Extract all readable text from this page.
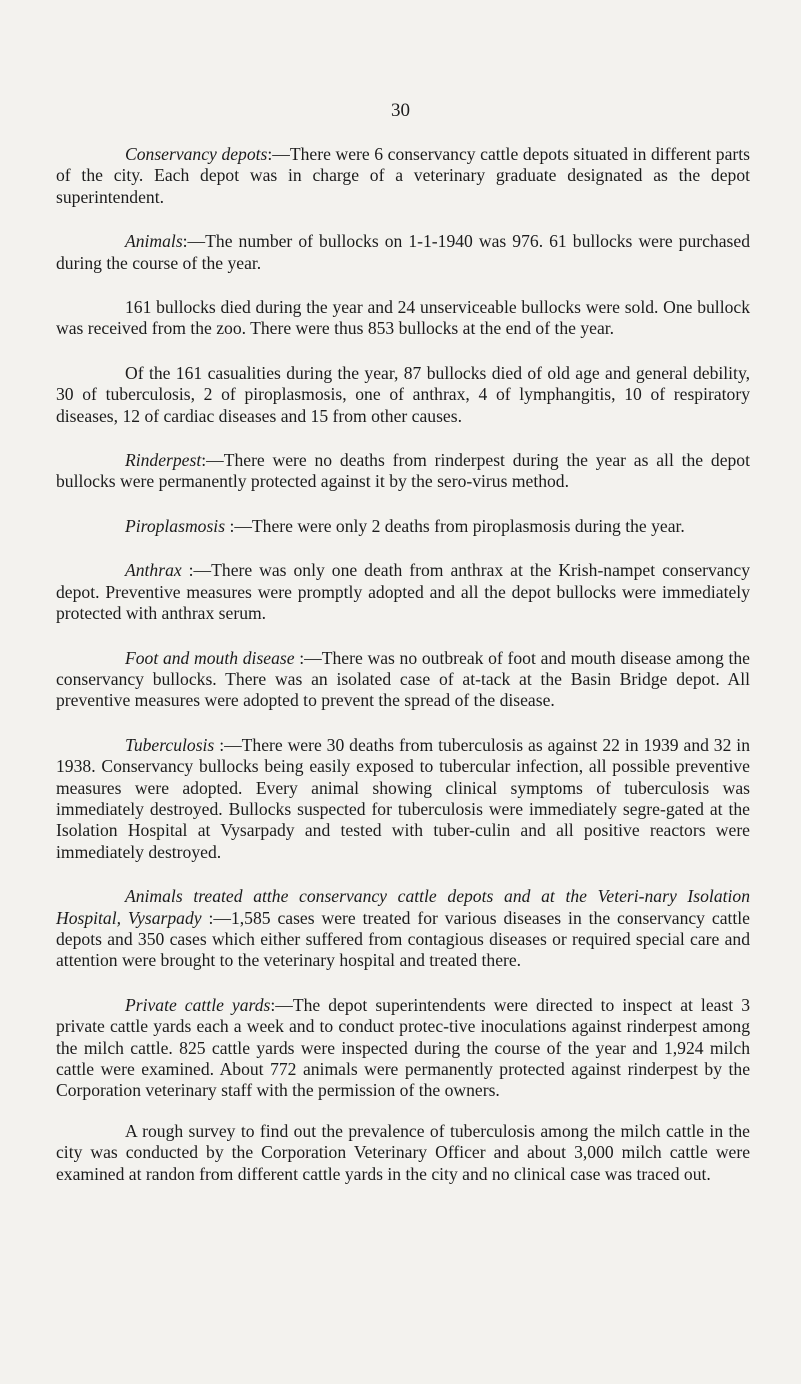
30

Conservancy depots:—There were 6 conservancy cattle depots situated in different parts of the city. Each depot was in charge of a veterinary graduate designated as the depot superintendent.

Animals:—The number of bullocks on 1-1-1940 was 976. 61 bullocks were purchased during the course of the year.

161 bullocks died during the year and 24 unserviceable bullocks were sold. One bullock was received from the zoo. There were thus 853 bullocks at the end of the year.

Of the 161 casualities during the year, 87 bullocks died of old age and general debility, 30 of tuberculosis, 2 of piroplasmosis, one of anthrax, 4 of lymphangitis, 10 of respiratory diseases, 12 of cardiac diseases and 15 from other causes.

Rinderpest:—There were no deaths from rinderpest during the year as all the depot bullocks were permanently protected against it by the sero-virus method.

Piroplasmosis :—There were only 2 deaths from piroplasmosis during the year.

Anthrax :—There was only one death from anthrax at the Krish-nampet conservancy depot. Preventive measures were promptly adopted and all the depot bullocks were immediately protected with anthrax serum.

Foot and mouth disease :—There was no outbreak of foot and mouth disease among the conservancy bullocks. There was an isolated case of at-tack at the Basin Bridge depot. All preventive measures were adopted to prevent the spread of the disease.

Tuberculosis :—There were 30 deaths from tuberculosis as against 22 in 1939 and 32 in 1938. Conservancy bullocks being easily exposed to tubercular infection, all possible preventive measures were adopted. Every animal showing clinical symptoms of tuberculosis was immediately destroyed. Bullocks suspected for tuberculosis were immediately segre-gated at the Isolation Hospital at Vysarpady and tested with tuber-culin and all positive reactors were immediately destroyed.

Animals treated atthe conservancy cattle depots and at the Veteri-nary Isolation Hospital, Vysarpady :—1,585 cases were treated for various diseases in the conservancy cattle depots and 350 cases which either suffered from contagious diseases or required special care and attention were brought to the veterinary hospital and treated there.

Private cattle yards:—The depot superintendents were directed to inspect at least 3 private cattle yards each a week and to conduct protec-tive inoculations against rinderpest among the milch cattle. 825 cattle yards were inspected during the course of the year and 1,924 milch cattle were examined. About 772 animals were permanently protected against rinderpest by the Corporation veterinary staff with the permission of the owners.

A rough survey to find out the prevalence of tuberculosis among the milch cattle in the city was conducted by the Corporation Veterinary Officer and about 3,000 milch cattle were examined at randon from different cattle yards in the city and no clinical case was traced out.
